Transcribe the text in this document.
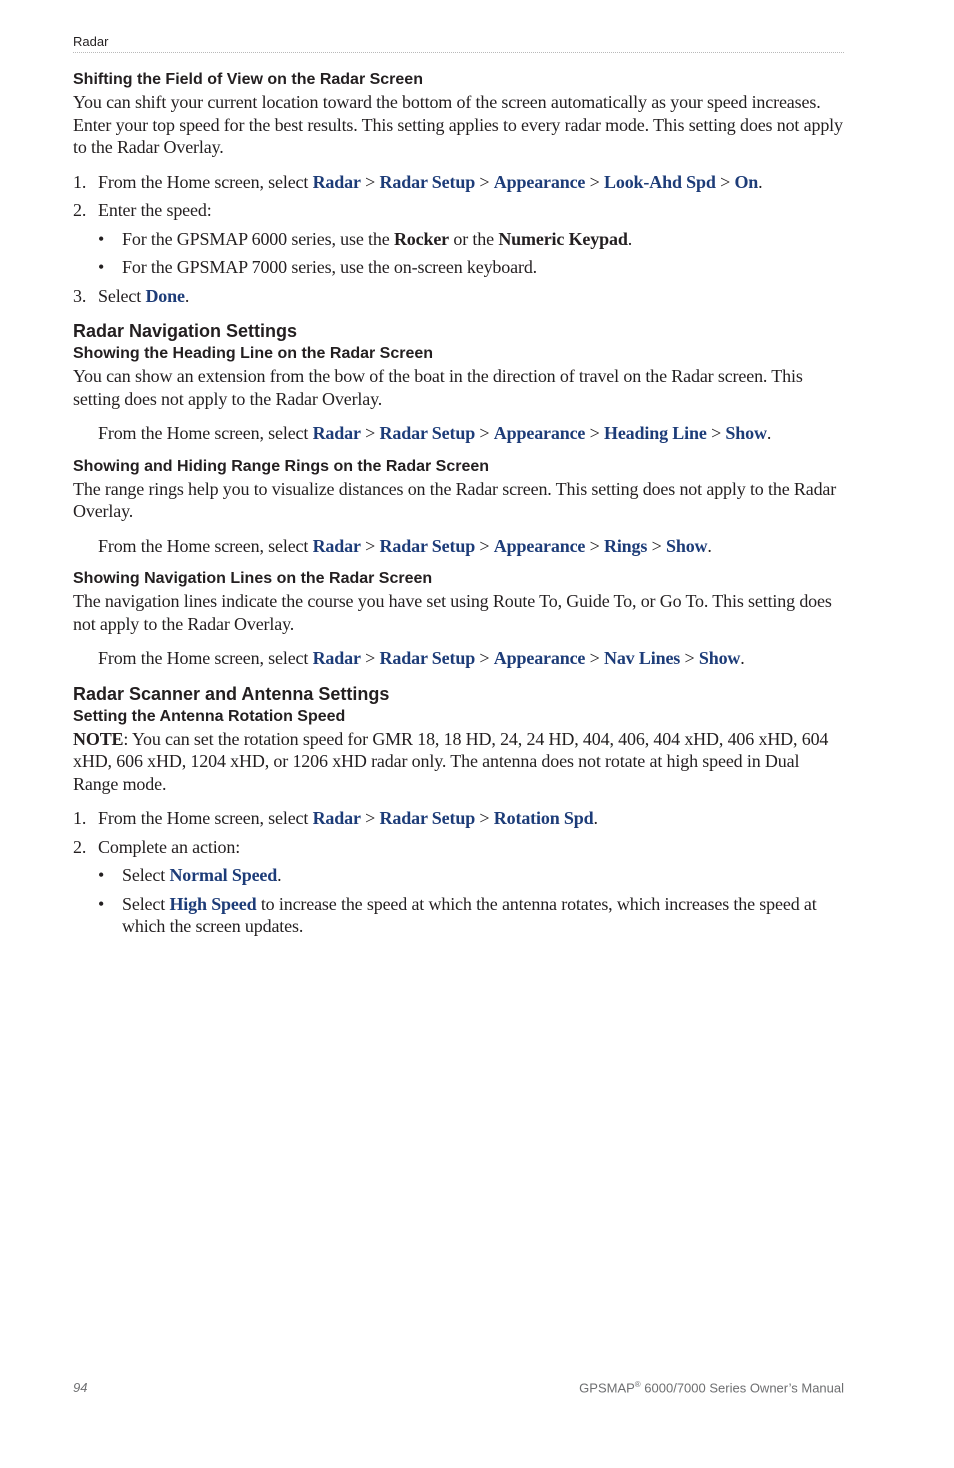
Radar
Shifting the Field of View on the Radar Screen

You can shift your current location toward the bottom of the screen automatically as your speed increases. Enter your top speed for the best results. This setting applies to every radar mode. This setting does not apply to the Radar Overlay.

1. From the Home screen, select Radar > Radar Setup > Appearance > Look-Ahd Spd > On.
2. Enter the speed:
• For the GPSMAP 6000 series, use the Rocker or the Numeric Keypad.
• For the GPSMAP 7000 series, use the on-screen keyboard.
3. Select Done.
Radar Navigation Settings
Showing the Heading Line on the Radar Screen

You can show an extension from the bow of the boat in the direction of travel on the Radar screen. This setting does not apply to the Radar Overlay.

From the Home screen, select Radar > Radar Setup > Appearance > Heading Line > Show.
Showing and Hiding Range Rings on the Radar Screen

The range rings help you to visualize distances on the Radar screen. This setting does not apply to the Radar Overlay.

From the Home screen, select Radar > Radar Setup > Appearance > Rings > Show.
Showing Navigation Lines on the Radar Screen

The navigation lines indicate the course you have set using Route To, Guide To, or Go To. This setting does not apply to the Radar Overlay.

From the Home screen, select Radar > Radar Setup > Appearance > Nav Lines > Show.
Radar Scanner and Antenna Settings
Setting the Antenna Rotation Speed

NOTE: You can set the rotation speed for GMR 18, 18 HD, 24, 24 HD, 404, 406, 404 xHD, 406 xHD, 604 xHD, 606 xHD, 1204 xHD, or 1206 xHD radar only. The antenna does not rotate at high speed in Dual Range mode.

1. From the Home screen, select Radar > Radar Setup > Rotation Spd.
2. Complete an action:
• Select Normal Speed.
• Select High Speed to increase the speed at which the antenna rotates, which increases the speed at which the screen updates.
94	GPSMAP® 6000/7000 Series Owner’s Manual
